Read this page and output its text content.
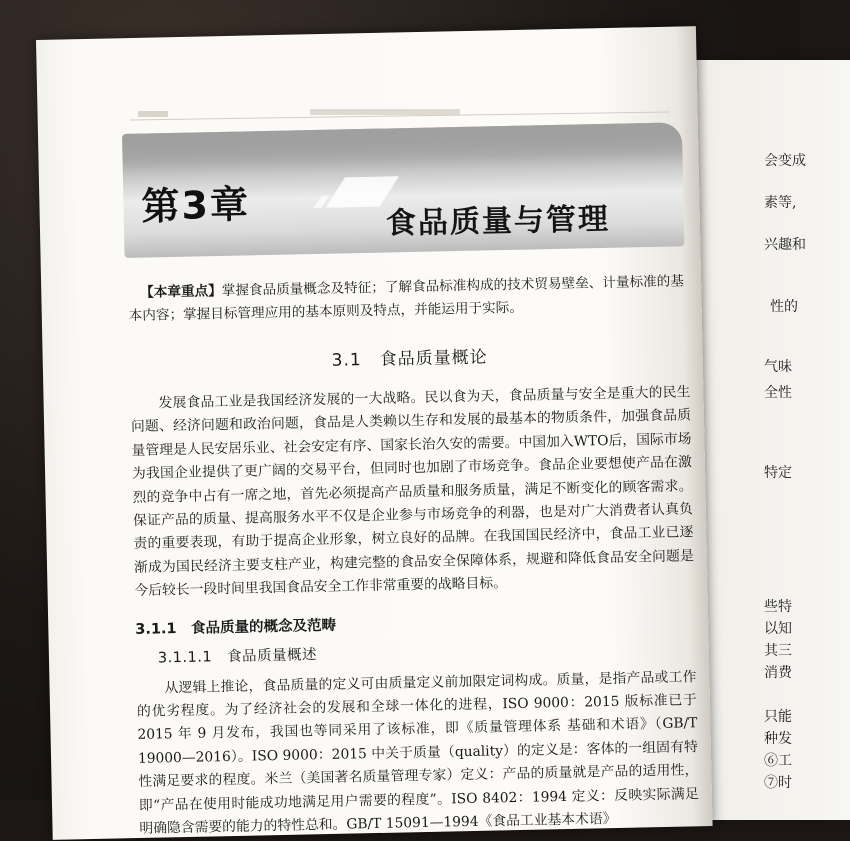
第3章	食品质量与管理

【本章重点】掌握食品质量概念及特征；了解食品标准构成的技术贸易壁垒、计量标准的基本内容；掌握目标管理应用的基本原则及特点，并能运用于实际。

3.1　食品质量概论

发展食品工业是我国经济发展的一大战略。民以食为天，食品质量与安全是重大的民生问题、经济问题和政治问题，食品是人类赖以生存和发展的最基本的物质条件，加强食品质量管理是人民安居乐业、社会安定有序、国家长治久安的需要。中国加入WTO后，国际市场为我国企业提供了更广阔的交易平台，但同时也加剧了市场竞争。食品企业要想使产品在激烈的竞争中占有一席之地，首先必须提高产品质量和服务质量，满足不断变化的顾客需求。保证产品的质量、提高服务水平不仅是企业参与市场竞争的利器，也是对广大消费者认真负责的重要表现，有助于提高企业形象，树立良好的品牌。在我国国民经济中，食品工业已逐渐成为国民经济主要支柱产业，构建完整的食品安全保障体系，规避和降低食品安全问题是今后较长一段时间里我国食品安全工作非常重要的战略目标。

3.1.1　食品质量的概念及范畴
3.1.1.1　食品质量概述

从逻辑上推论，食品质量的定义可由质量定义前加限定词构成。质量，是指产品或工作的优劣程度。为了经济社会的发展和全球一体化的进程，ISO 9000：2015 版标准已于 2015 年 9 月发布，我国也等同采用了该标准，即《质量管理体系 基础和术语》（GB/T 19000—2016）。ISO 9000：2015 中关于质量（quality）的定义是：客体的一组固有特性满足要求的程度。米兰（美国著名质量管理专家）定义：产品的质量就是产品的适用性，即“产品在使用时能成功地满足用户需要的程度”。ISO 8402：1994 定义：反映实际满足明确隐含需要的能力的特性总和。GB/T 15091—1994《食品工业基本术语》

会变成
素等,
兴趣和
性的
气味
全性
特定
些特
以知
其三
消费
只能
种发
⑥工
⑦时
